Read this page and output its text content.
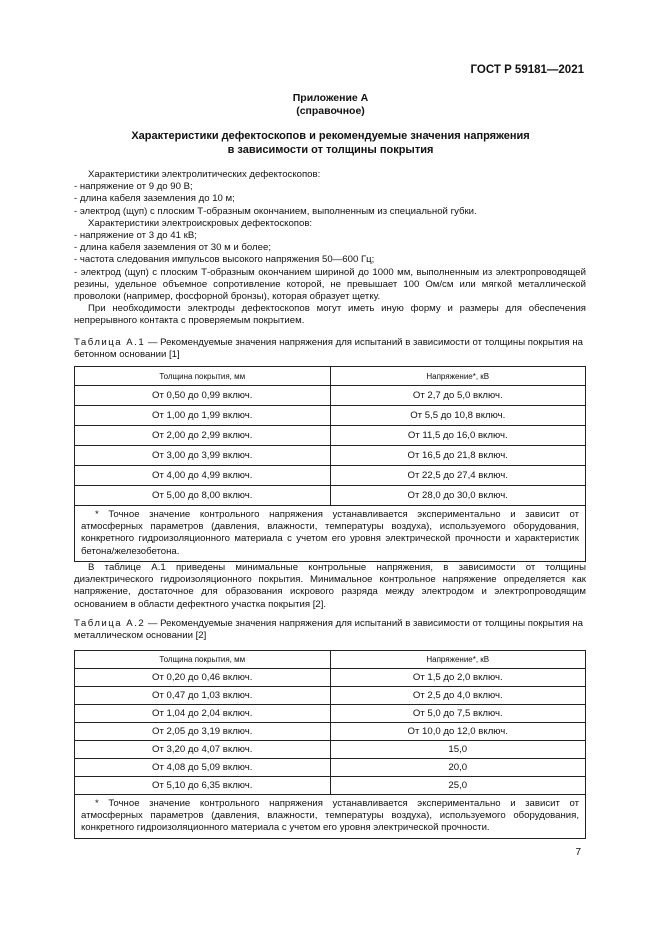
ГОСТ Р 59181—2021
Приложение А
(справочное)
Характеристики дефектоскопов и рекомендуемые значения напряжения
в зависимости от толщины покрытия

Характеристики электролитических дефектоскопов:

- напряжение от 9 до 90 В;

- длина кабеля заземления до 10 м;

- электрод (щуп) с плоским Т-образным окончанием, выполненным из специальной губки.

Характеристики электроискровых дефектоскопов:

- напряжение от 3 до 41 кВ;

- длина кабеля заземления от 30 м и более;

- частота следования импульсов высокого напряжения 50—600 Гц;

- электрод (щуп) с плоским Т-образным окончанием шириной до 1000 мм, выполненным из электропроводящей резины, удельное объемное сопротивление которой, не превышает 100 Ом/см или мягкой металлической проволоки (например, фосфорной бронзы), которая образует щетку.

При необходимости электроды дефектоскопов могут иметь иную форму и размеры для обеспечения непрерывного контакта с проверяемым покрытием.

Таблица А.1 — Рекомендуемые значения напряжения для испытаний в зависимости от толщины покрытия на бетонном основании [1]
Толщина покрытия, мм	Напряжение*, кВ
От 0,50 до 0,99 включ.	От 2,7 до 5,0 включ.
От 1,00 до 1,99 включ.	От 5,5 до 10,8 включ.
От 2,00 до 2,99 включ.	От 11,5 до 16,0 включ.
От 3,00 до 3,99 включ.	От 16,5 до 21,8 включ.
От 4,00 до 4,99 включ.	От 22,5 до 27,4 включ.
От 5,00 до 8,00 включ.	От 28,0 до 30,0 включ.
* Точное значение контрольного напряжения устанавливается экспериментально и зависит от атмосферных параметров (давления, влажности, температуры воздуха), используемого оборудования, конкретного гидроизоляционного материала с учетом его уровня электрической прочности и характеристик бетона/железобетона.	
В таблице А.1 приведены минимальные контрольные напряжения, в зависимости от толщины диэлектрического гидроизоляционного покрытия. Минимальное контрольное напряжение определяется как напряжение, достаточное для образования искрового разряда между электродом и электропроводящим основанием в области дефектного участка покрытия [2].
Таблица А.2 — Рекомендуемые значения напряжения для испытаний в зависимости от толщины покрытия на металлическом основании [2]
Толщина покрытия, мм	Напряжение*, кВ
От 0,20 до 0,46 включ.	От 1,5 до 2,0 включ.
От 0,47 до 1,03 включ.	От 2,5 до 4,0 включ.
От 1,04 до 2,04 включ.	От 5,0 до 7,5 включ.
От 2,05 до 3,19 включ.	От 10,0 до 12,0 включ.
От 3,20 до 4,07 включ.	15,0
От 4,08 до 5,09 включ.	20,0
От 5,10 до 6,35 включ.	25,0
* Точное значение контрольного напряжения устанавливается экспериментально и зависит от атмосферных параметров (давления, влажности, температуры воздуха), используемого оборудования, конкретного гидроизоляционного материала с учетом его уровня электрической прочности.	
7
